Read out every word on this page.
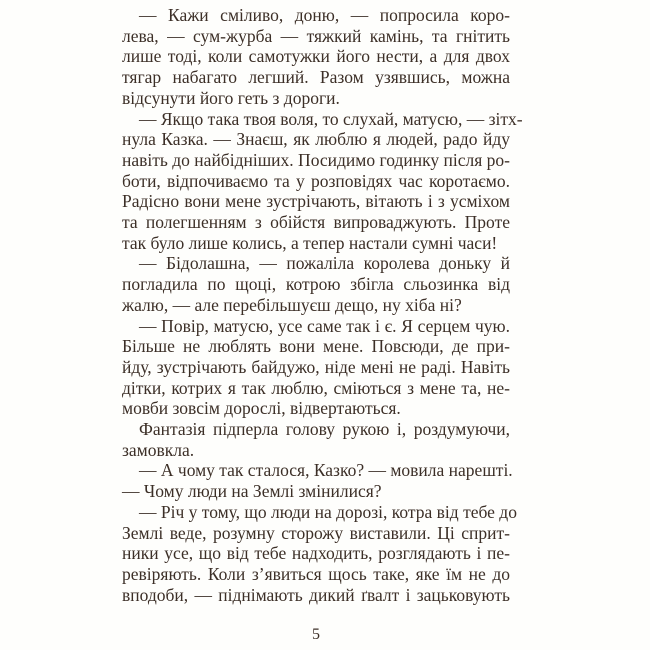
— Кажи сміливо, доню, — попросила коро-
лева, — сум-журба — тяжкий камінь, та гнітить
лише тоді, коли самотужки його нести, а для двох
тягар набагато легший. Разом узявшись, можна
відсунути його геть з дороги.
— Якщо така твоя воля, то слухай, матусю, — зітх-
нула Казка. — Знаєш, як люблю я людей, радо йду
навіть до найбідніших. Посидимо годинку після ро-
боти, відпочиваємо та у розповідях час коротаємо.
Радісно вони мене зустрічають, вітають і з усміхом
та полегшенням з обійстя випроваджують. Проте
так було лише колись, а тепер настали сумні часи!
— Бідолашна, — пожаліла королева доньку й
погладила по щоці, котрою збігла сльозинка від
жалю, — але перебільшуєш дещо, ну хіба ні?
— Повір, матусю, усе саме так і є. Я серцем чую.
Більше не люблять вони мене. Повсюди, де при-
йду, зустрічають байдужо, ніде мені не раді. Навіть
дітки, котрих я так люблю, сміються з мене та, не-
мовби зовсім дорослі, відвертаються.
Фантазія підперла голову рукою і, роздумуючи,
замовкла.
— А чому так сталося, Казко? — мовила нарешті.
— Чому люди на Землі змінилися?
— Річ у тому, що люди на дорозі, котра від тебе до
Землі веде, розумну сторожу виставили. Ці сприт-
ники усе, що від тебе надходить, розглядають і пе-
ревіряють. Коли з’явиться щось таке, яке їм не до
вподоби, — піднімають дикий ґвалт і зацьковують
5
